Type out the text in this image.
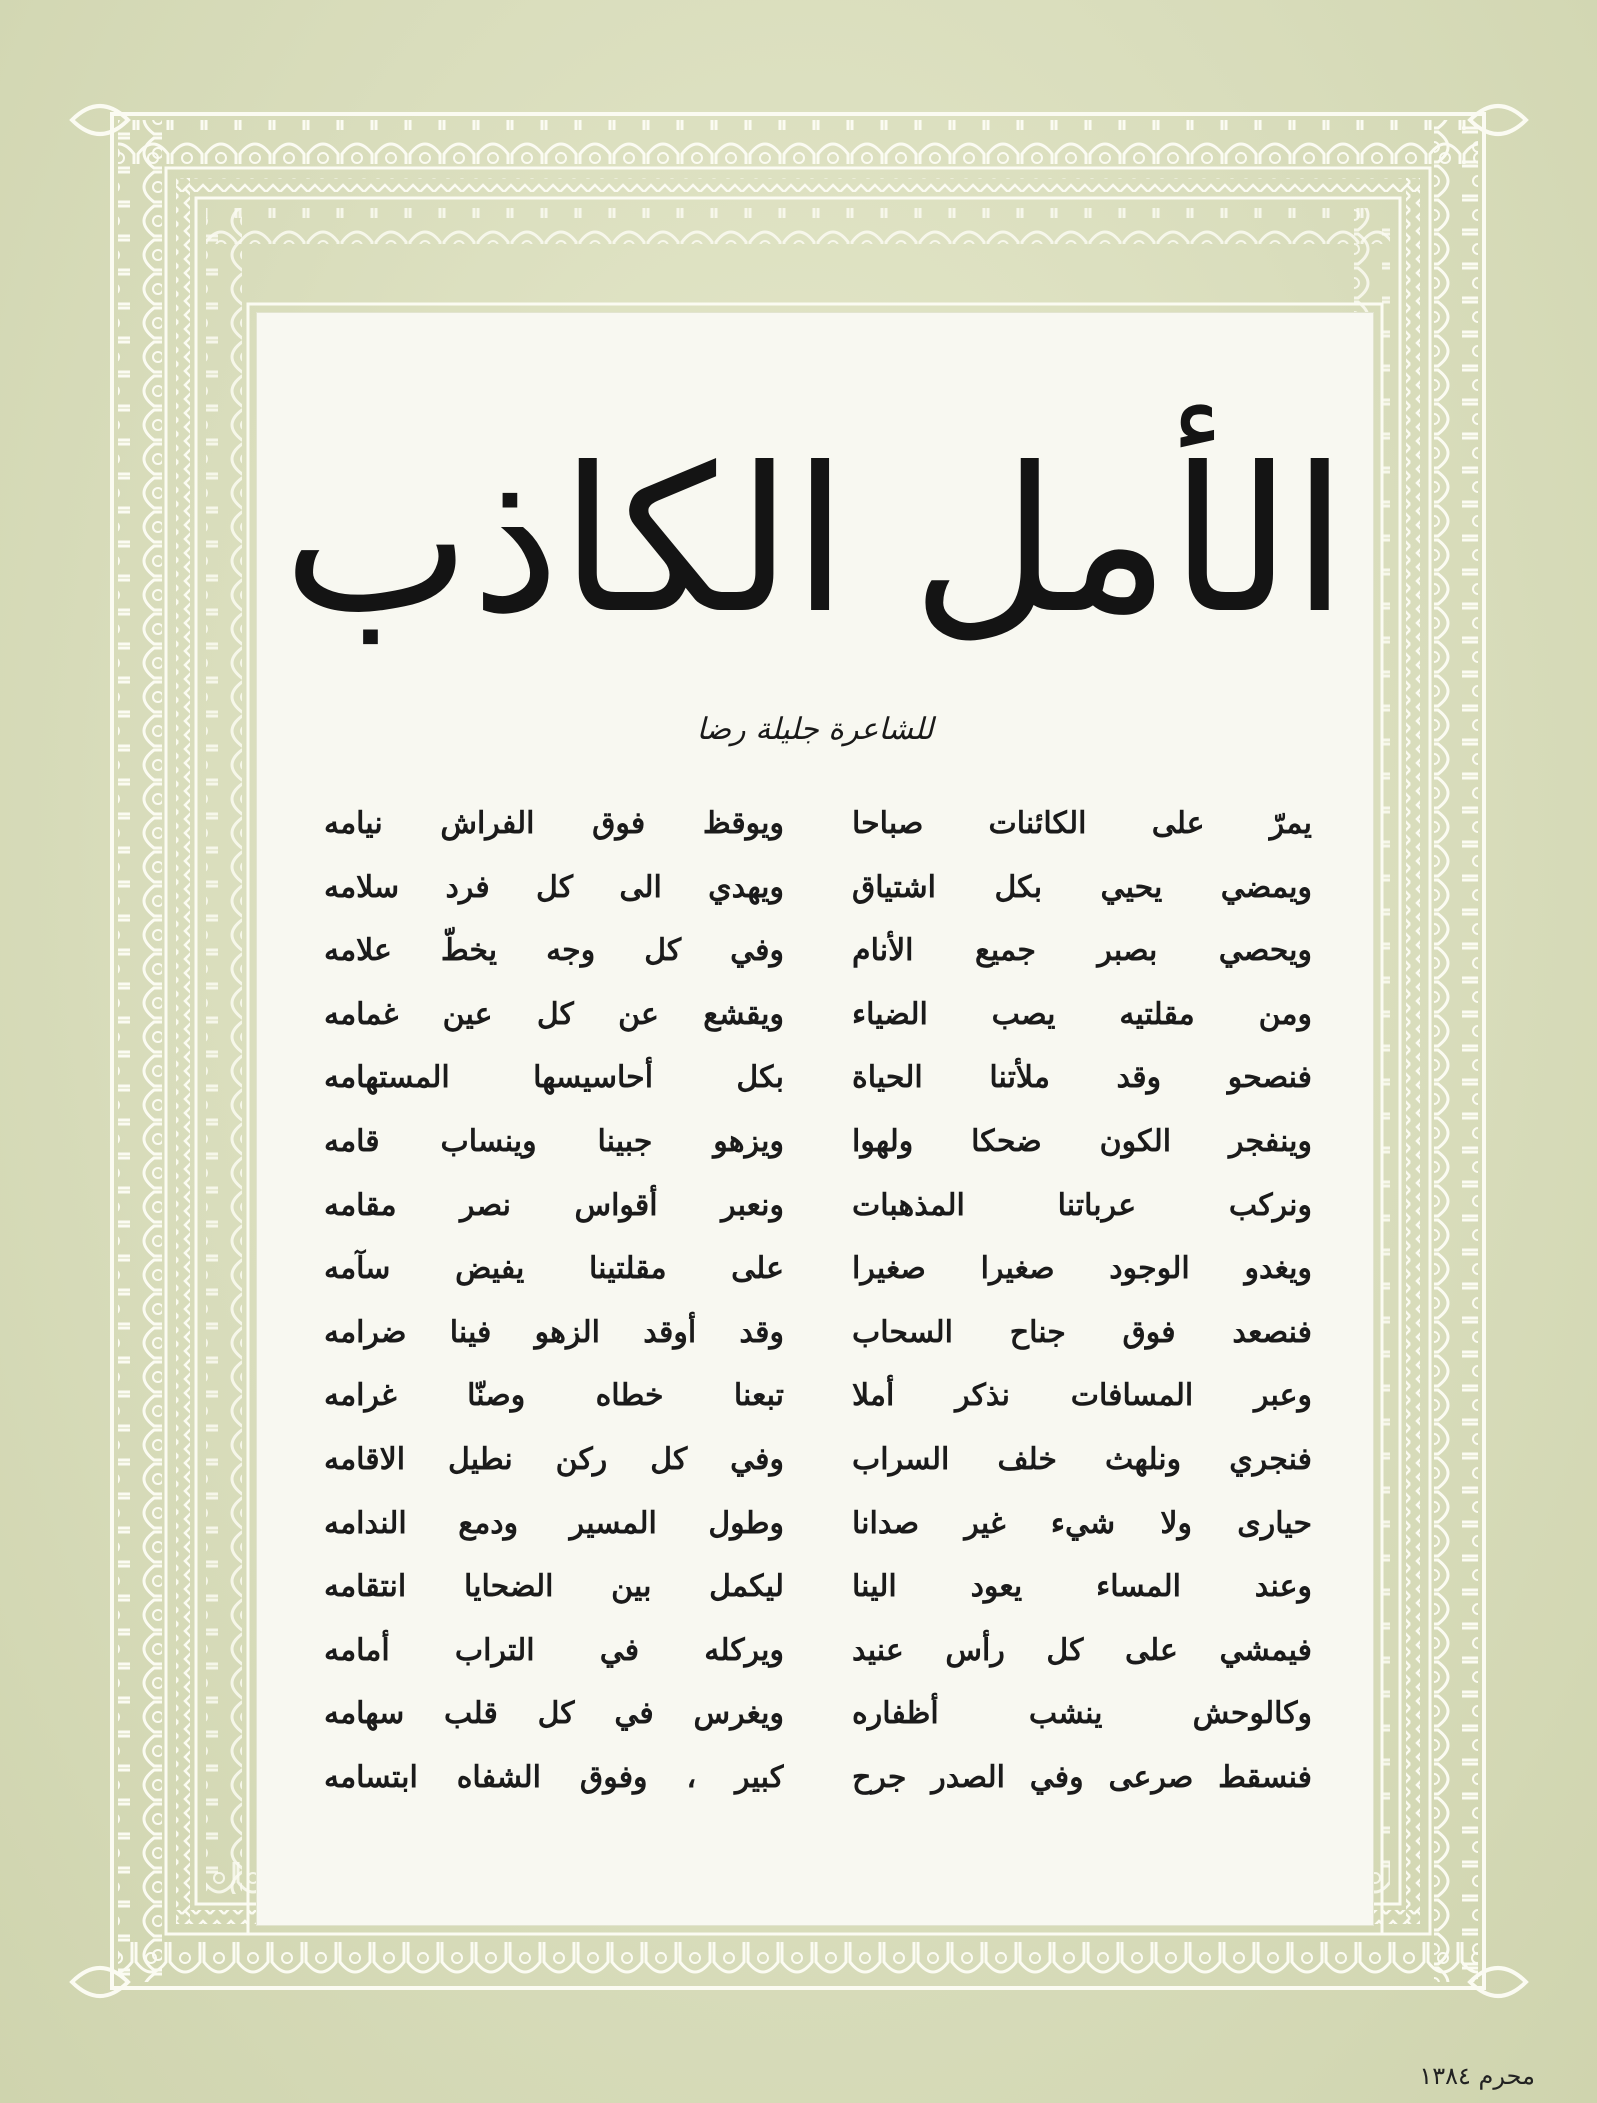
الأمل الكاذب
للشاعرة جليلة رضا
يمرّ على الكائنات صباحا
ويمضي يحيي بكل اشتياق
ويحصي بصبر جميع الأنام
ومن مقلتيه يصب الضياء
فنصحو وقد ملأتنا الحياة
وينفجر الكون ضحكا ولهوا
ونركب عرباتنا المذهبات
ويغدو الوجود صغيرا صغيرا
فنصعد فوق جناح السحاب
وعبر المسافات نذكر أملا
فنجري ونلهث خلف السراب
حيارى ولا شيء غير صدانا
وعند المساء يعود الينا
فيمشي على كل رأس عنيد
وكالوحش ينشب أظفاره
فنسقط صرعى وفي الصدر جرح
ويوقظ فوق الفراش نيامه
ويهدي الى كل فرد سلامه
وفي كل وجه يخطّ علامه
ويقشع عن كل عين غمامه
بكل أحاسيسها المستهامه
ويزهو جبينا وينساب قامه
ونعبر أقواس نصر مقامه
على مقلتينا يفيض سآمه
وقد أوقد الزهو فينا ضرامه
تبعنا خطاه وصنّا غرامه
وفي كل ركن نطيل الاقامه
وطول المسير ودمع الندامه
ليكمل بين الضحايا انتقامه
ويركله في التراب أمامه
ويغرس في كل قلب سهامه
كبير ، وفوق الشفاه ابتسامه
محرم ١٣٨٤
